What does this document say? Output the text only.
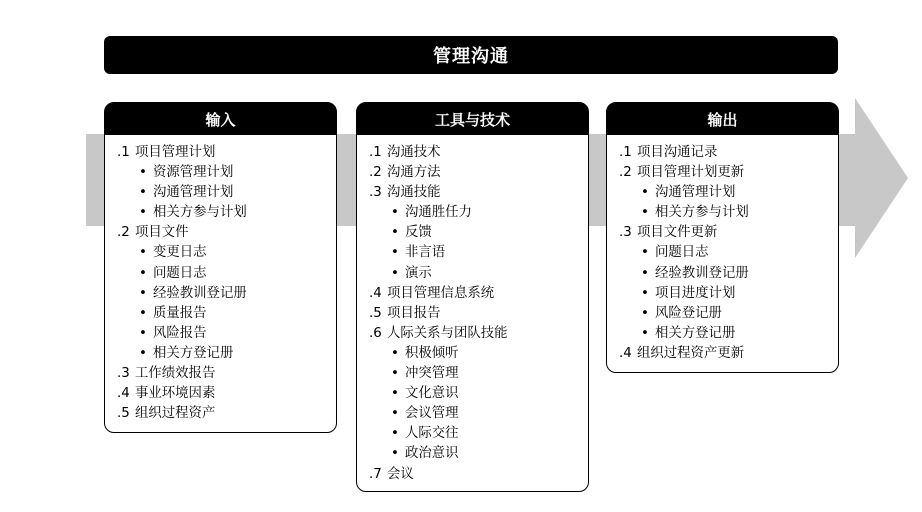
管理沟通
输入
.1 项目管理计划
• 资源管理计划
• 沟通管理计划
• 相关方参与计划
.2 项目文件
• 变更日志
• 问题日志
• 经验教训登记册
• 质量报告
• 风险报告
• 相关方登记册
.3 工作绩效报告
.4 事业环境因素
.5 组织过程资产
工具与技术
.1 沟通技术
.2 沟通方法
.3 沟通技能
• 沟通胜任力
• 反馈
• 非言语
• 演示
.4 项目管理信息系统
.5 项目报告
.6 人际关系与团队技能
• 积极倾听
• 冲突管理
• 文化意识
• 会议管理
• 人际交往
• 政治意识
.7 会议
输出
.1 项目沟通记录
.2 项目管理计划更新
• 沟通管理计划
• 相关方参与计划
.3 项目文件更新
• 问题日志
• 经验教训登记册
• 项目进度计划
• 风险登记册
• 相关方登记册
.4 组织过程资产更新
